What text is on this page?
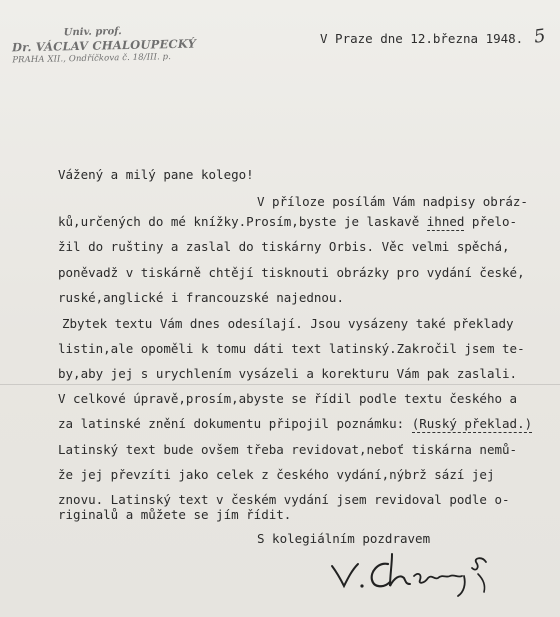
Univ. prof.
Dr. VÁCLAV CHALOUPECKÝ
PRAHA XII., Ondříčkova č. 18/III. p.
V Praze dne 12.března 1948. 5
Vážený a milý pane kolego!
V příloze posílám Vám nadpisy obráz-
ků,určených do mé knížky.Prosím,byste je laskavě ihned přelo-
žil do ruštiny a zaslal do tiskárny Orbis. Věc velmi spěchá,
poněvadž v tiskárně chtějí tisknouti obrázky pro vydání české,
ruské,anglické i francouzské najednou.
Zbytek textu Vám dnes odesílají. Jsou vysázeny také překlady
listin,ale opoměli k tomu dáti text latinský.Zakročil jsem te-
by,aby jej s urychlením vysázeli a korekturu Vám pak zaslali.
V celkové úpravě,prosím,abyste se řídil podle textu českého a
za latinské znění dokumentu připojil poznámku: (Ruský překlad.)
Latinský text bude ovšem třeba revidovat,neboť tiskárna nemů-
že jej převzíti jako celek z českého vydání,nýbrž sází jej
znovu. Latinský text v českém vydání jsem revidoval podle o-
riginalů a můžete se jím řídit.
S kolegiálním pozdravem
